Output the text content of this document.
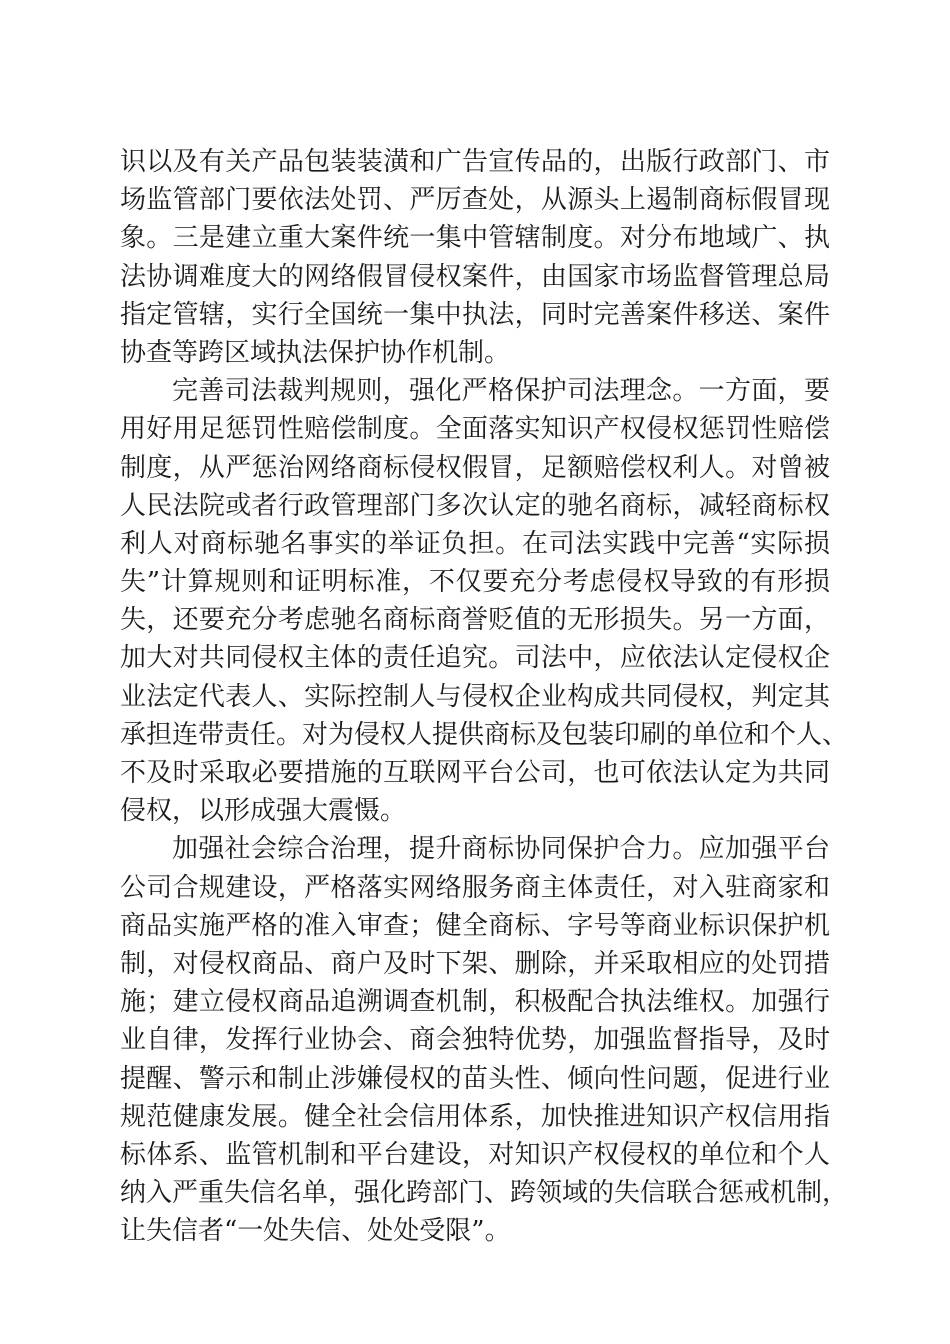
识以及有关产品包装装潢和广告宣传品的，出版行政部门、市
场监管部门要依法处罚、严厉查处，从源头上遏制商标假冒现
象。三是建立重大案件统一集中管辖制度。对分布地域广、执
法协调难度大的网络假冒侵权案件，由国家市场监督管理总局
指定管辖，实行全国统一集中执法，同时完善案件移送、案件
协查等跨区域执法保护协作机制。
完善司法裁判规则，强化严格保护司法理念。一方面，要
用好用足惩罚性赔偿制度。全面落实知识产权侵权惩罚性赔偿
制度，从严惩治网络商标侵权假冒，足额赔偿权利人。对曾被
人民法院或者行政管理部门多次认定的驰名商标，减轻商标权
利人对商标驰名事实的举证负担。在司法实践中完善“实际损
失”计算规则和证明标准，不仅要充分考虑侵权导致的有形损
失，还要充分考虑驰名商标商誉贬值的无形损失。另一方面，
加大对共同侵权主体的责任追究。司法中，应依法认定侵权企
业法定代表人、实际控制人与侵权企业构成共同侵权，判定其
承担连带责任。对为侵权人提供商标及包装印刷的单位和个人、
不及时采取必要措施的互联网平台公司，也可依法认定为共同
侵权，以形成强大震慑。
加强社会综合治理，提升商标协同保护合力。应加强平台
公司合规建设，严格落实网络服务商主体责任，对入驻商家和
商品实施严格的准入审查；健全商标、字号等商业标识保护机
制，对侵权商品、商户及时下架、删除，并采取相应的处罚措
施；建立侵权商品追溯调查机制，积极配合执法维权。加强行
业自律，发挥行业协会、商会独特优势，加强监督指导，及时
提醒、警示和制止涉嫌侵权的苗头性、倾向性问题，促进行业
规范健康发展。健全社会信用体系，加快推进知识产权信用指
标体系、监管机制和平台建设，对知识产权侵权的单位和个人
纳入严重失信名单，强化跨部门、跨领域的失信联合惩戒机制，
让失信者“一处失信、处处受限”。
